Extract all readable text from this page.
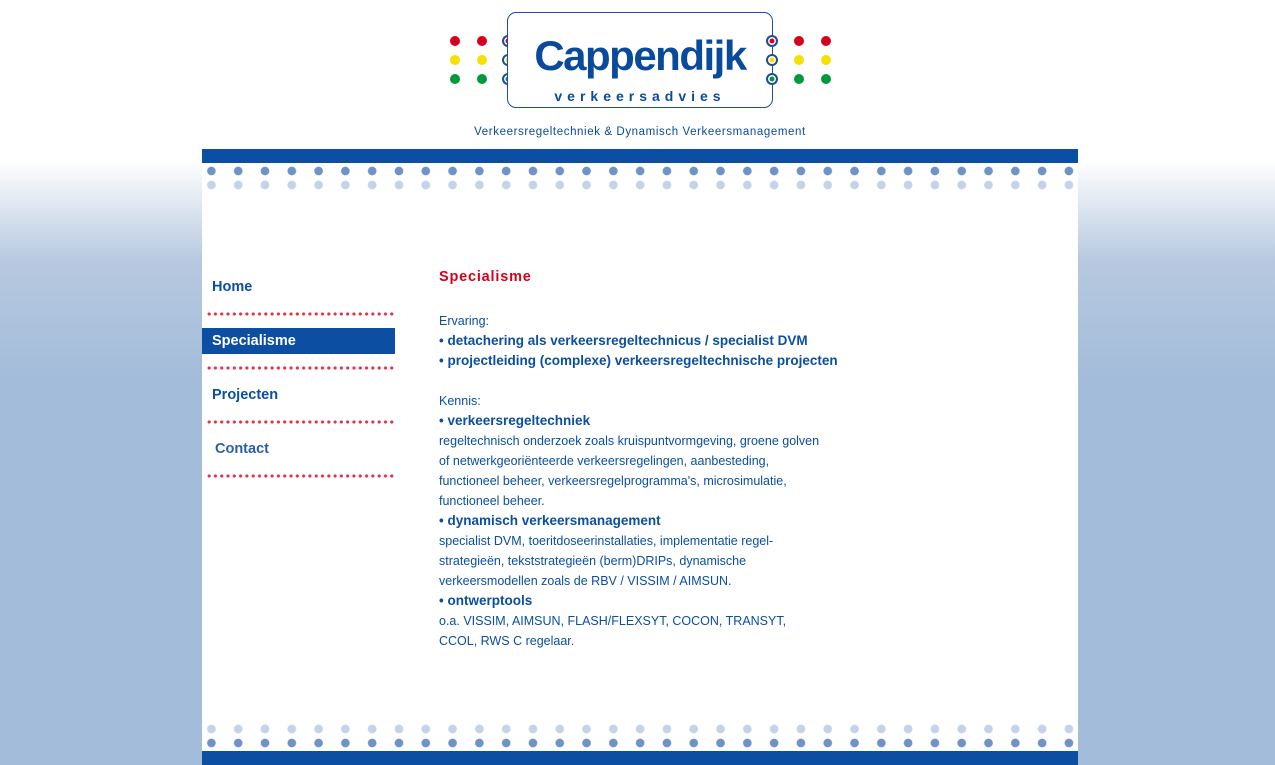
Cappendijk
verkeersadvies
Verkeersregeltechniek & Dynamisch Verkeersmanagement
Home
Specialisme
Projecten
Contact
Specialisme
Ervaring:
• detachering als verkeersregeltechnicus / specialist DVM
• projectleiding (complexe) verkeersregeltechnische projecten
Kennis:
• verkeersregeltechniek
regeltechnisch onderzoek zoals kruispuntvormgeving, groene golven
of netwerkgeoriënteerde verkeersregelingen, aanbesteding,
functioneel beheer, verkeersregelprogramma's, microsimulatie,
functioneel beheer.
• dynamisch verkeersmanagement
specialist DVM, toeritdoseerinstallaties, implementatie regel-
strategieën, tekststrategieën (berm)DRIPs, dynamische
verkeersmodellen zoals de RBV / VISSIM / AIMSUN.
• ontwerptools
o.a. VISSIM, AIMSUN, FLASH/FLEXSYT, COCON, TRANSYT,
CCOL, RWS C regelaar.
